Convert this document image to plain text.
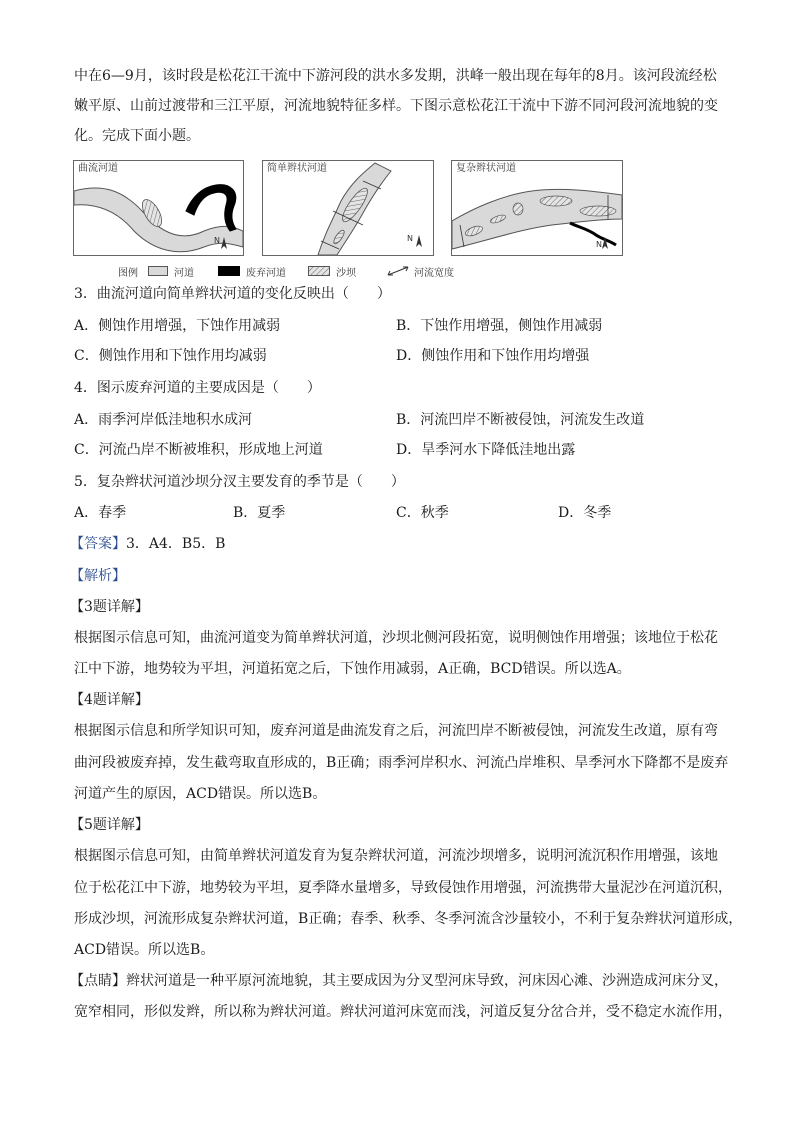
中在6—9月，该时段是松花江干流中下游河段的洪水多发期，洪峰一般出现在每年的8月。该河段流经松
嫩平原、山前过渡带和三江平原，河流地貌特征多样。下图示意松花江干流中下游不同河段河流地貌的变
化。完成下面小题。
曲流河道
N
简单辫状河道
N
复杂辫状河道
N
图例	河道	废弃河道	沙坝	河流宽度
3．曲流河道向简单辫状河道的变化反映出（　　）
A．侧蚀作用增强，下蚀作用减弱	B．下蚀作用增强，侧蚀作用减弱
C．侧蚀作用和下蚀作用均减弱	D．侧蚀作用和下蚀作用均增强
4．图示废弃河道的主要成因是（　　）
A．雨季河岸低洼地积水成河	B．河流凹岸不断被侵蚀，河流发生改道
C．河流凸岸不断被堆积，形成地上河道	D．旱季河水下降低洼地出露
5．复杂辫状河道沙坝分汊主要发育的季节是（　　）
A．春季	B．夏季	C．秋季	D．冬季
【答案】3．A4．B5．B
【解析】
【3题详解】
根据图示信息可知，曲流河道变为简单辫状河道，沙坝北侧河段拓宽，说明侧蚀作用增强；该地位于松花
江中下游，地势较为平坦，河道拓宽之后，下蚀作用减弱，A正确，BCD错误。所以选A。
【4题详解】
根据图示信息和所学知识可知，废弃河道是曲流发育之后，河流凹岸不断被侵蚀，河流发生改道，原有弯
曲河段被废弃掉，发生截弯取直形成的，B正确；雨季河岸积水、河流凸岸堆积、旱季河水下降都不是废弃
河道产生的原因，ACD错误。所以选B。
【5题详解】
根据图示信息可知，由简单辫状河道发育为复杂辫状河道，河流沙坝增多，说明河流沉积作用增强，该地
位于松花江中下游，地势较为平坦，夏季降水量增多，导致侵蚀作用增强，河流携带大量泥沙在河道沉积，
形成沙坝，河流形成复杂辫状河道，B正确；春季、秋季、冬季河流含沙量较小，不利于复杂辫状河道形成，
ACD错误。所以选B。
【点睛】辫状河道是一种平原河流地貌，其主要成因为分叉型河床导致，河床因心滩、沙洲造成河床分叉，
宽窄相同，形似发辫，所以称为辫状河道。辫状河道河床宽而浅，河道反复分岔合并，受不稳定水流作用，
